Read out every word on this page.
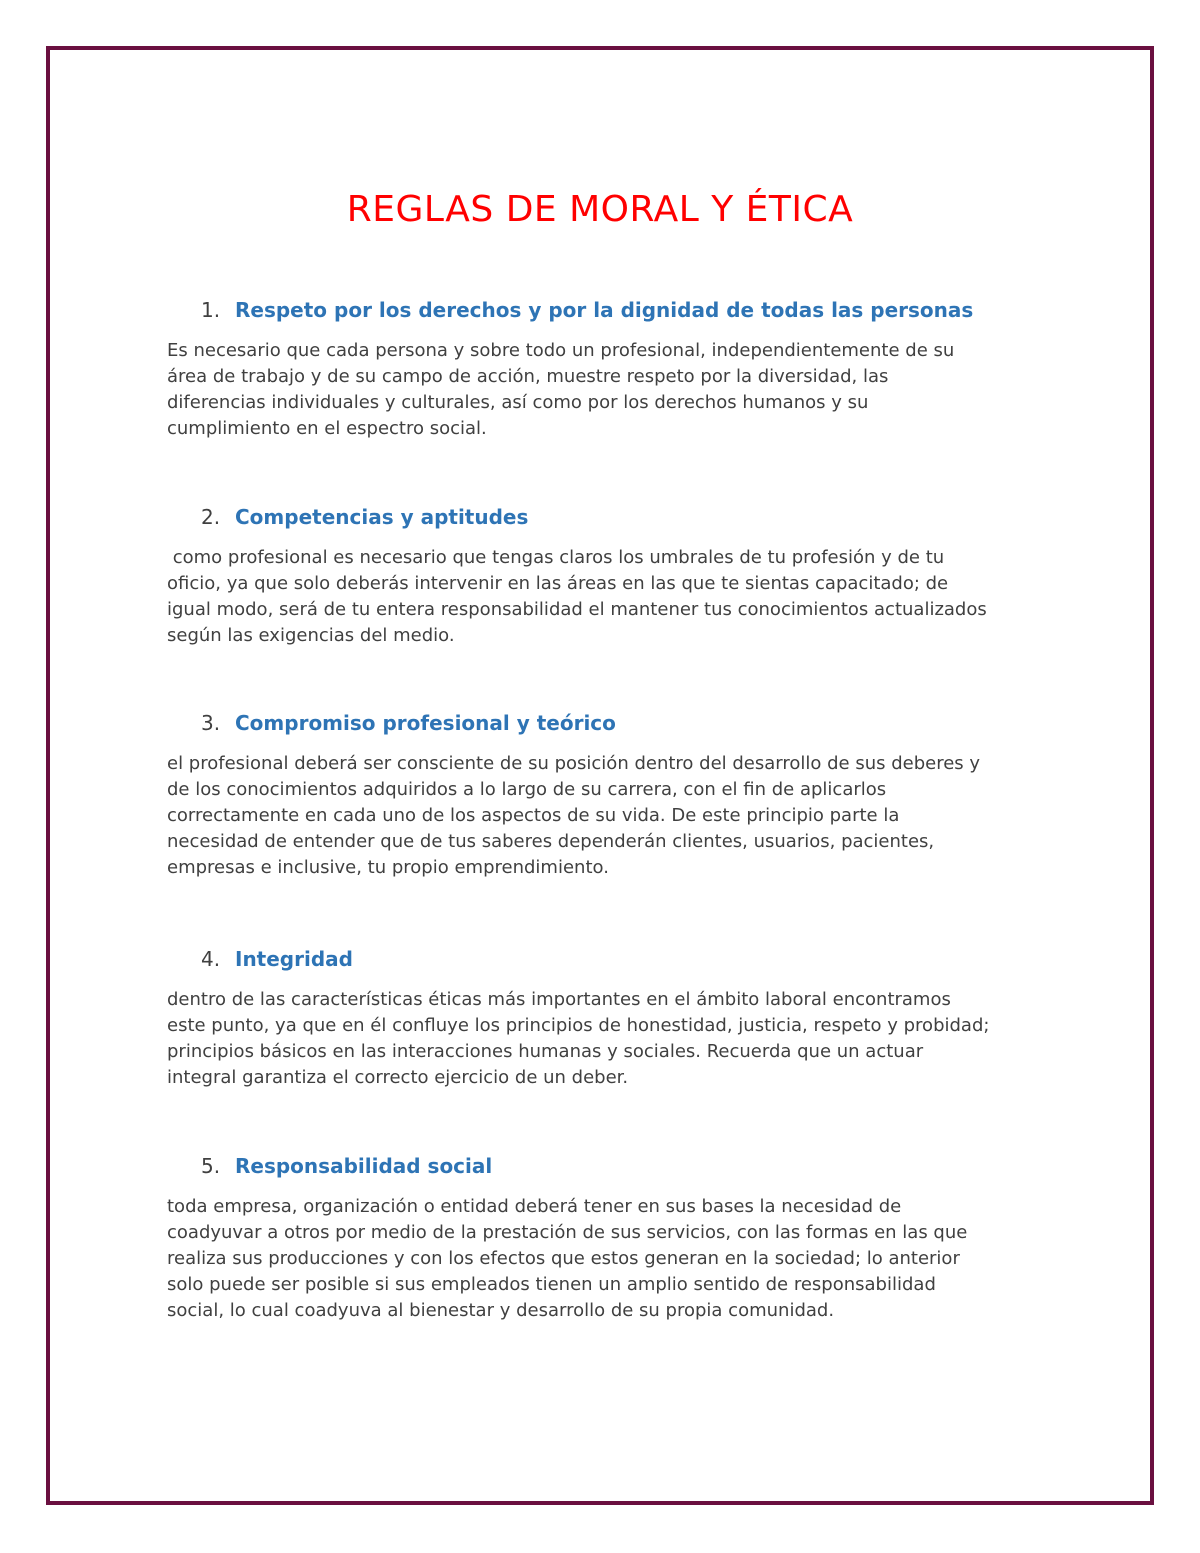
REGLAS DE MORAL Y ÉTICA
1. Respeto por los derechos y por la dignidad de todas las personas

Es necesario que cada persona y sobre todo un profesional, independientemente de su

área de trabajo y de su campo de acción, muestre respeto por la diversidad, las

diferencias individuales y culturales, así como por los derechos humanos y su

cumplimiento en el espectro social.

2. Competencias y aptitudes

como profesional es necesario que tengas claros los umbrales de tu profesión y de tu

oficio, ya que solo deberás intervenir en las áreas en las que te sientas capacitado; de

igual modo, será de tu entera responsabilidad el mantener tus conocimientos actualizados

según las exigencias del medio.

3. Compromiso profesional y teórico

el profesional deberá ser consciente de su posición dentro del desarrollo de sus deberes y

de los conocimientos adquiridos a lo largo de su carrera, con el fin de aplicarlos

correctamente en cada uno de los aspectos de su vida. De este principio parte la

necesidad de entender que de tus saberes dependerán clientes, usuarios, pacientes,

empresas e inclusive, tu propio emprendimiento.

4. Integridad

dentro de las características éticas más importantes en el ámbito laboral encontramos

este punto, ya que en él confluye los principios de honestidad, justicia, respeto y probidad;

principios básicos en las interacciones humanas y sociales. Recuerda que un actuar

integral garantiza el correcto ejercicio de un deber.

5. Responsabilidad social

toda empresa, organización o entidad deberá tener en sus bases la necesidad de

coadyuvar a otros por medio de la prestación de sus servicios, con las formas en las que

realiza sus producciones y con los efectos que estos generan en la sociedad; lo anterior

solo puede ser posible si sus empleados tienen un amplio sentido de responsabilidad

social, lo cual coadyuva al bienestar y desarrollo de su propia comunidad.
